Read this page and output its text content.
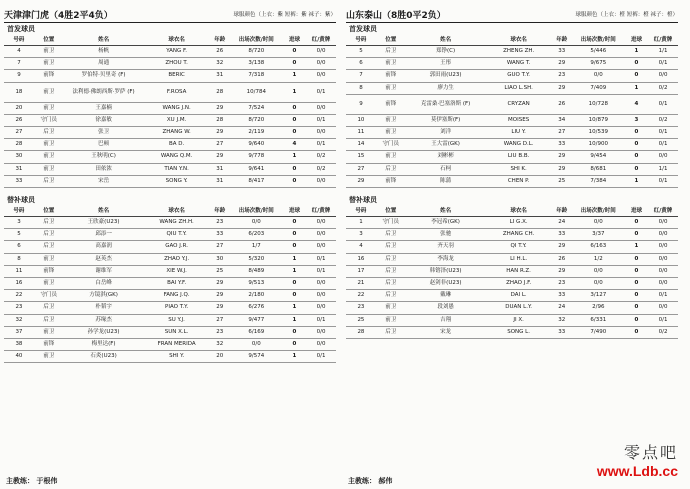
天津津门虎（4胜2平4负）	球服颜色（上衣：紫 短裤：紫 袜子：紫）
首发球员
号码	位置	姓名	球衣名	年龄	出场次数/时间	进球	红/黄牌
4	前卫	杨帆	YANG F.	26	8/720	0	0/0
7	前卫	周通	ZHOU T.	32	3/138	0	0/0
9	前锋	罗伯特·贝里奇 (F)	BERIC	31	7/318	1	0/0
18	前卫	法利德·佛朗西斯·罗萨 (F)	F.ROSA	28	10/784	1	0/1
20	前卫	王嘉楠	WANG J.N.	29	7/524	0	0/0
26	守门员	徐嘉敏	XU J.M.	28	8/720	0	0/1
27	后卫	张卫	ZHANG W.	29	2/119	0	0/0
28	前卫	巴顿	BA D.	27	9/640	4	0/1
30	前卫	王秋明(C)	WANG Q.M.	29	9/778	1	0/2
31	前卫	田依浓	TIAN Y.N.	31	9/641	0	0/2
33	后卫	宋岳	SONG Y.	31	8/417	0	0/0
替补球员
号码	位置	姓名	球衣名	年龄	出场次数/时间	进球	红/黄牌
3	后卫	王欣豪(U23)	WANG ZH.H.	23	0/0	0	0/0
5	后卫	邱添一	QIU T.Y.	33	6/203	0	0/0
6	后卫	高嘉润	GAO J.R.	27	1/7	0	0/0
8	前卫	赵英杰	ZHAO Y.J.	30	5/320	1	0/1
11	前锋	谢维军	XIE W.J.	25	8/489	1	0/1
16	前卫	白岳峰	BAI Y.F.	29	9/513	0	0/0
22	守门员	方镜淇(GK)	FANG J.Q.	29	2/180	0	0/0
23	后卫	朴韬宇	PIAO T.Y.	29	6/276	1	0/0
32	后卫	苏缘杰	SU Y.J.	27	9/477	1	0/1
37	前卫	孙学龙(U23)	SUN X.L.	23	6/169	0	0/0
38	前锋	梅里达(F)	FRAN MERIDA	32	0/0	0	0/0
40	前卫	石炎(U23)	SHI Y.	20	9/574	1	0/1
主教练： 于根伟
山东泰山（8胜0平2负）	球服颜色（上衣：橙 短裤：橙 袜子：橙）
首发球员
号码	位置	姓名	球衣名	年龄	出场次数/时间	进球	红/黄牌
5	后卫	郑铮(C)	ZHENG ZH.	33	5/446	1	1/1
6	前卫	王彤	WANG T.	29	9/675	0	0/1
7	前锋	郭田雨(U23)	GUO T.Y.	23	0/0	0	0/0
8	前卫	廖力生	LIAO L.SH.	29	7/409	1	0/2
9	前锋	克雷桑·巴塞洛斯 (F)	CRYZAN	26	10/728	4	0/1
10	前卫	莫伊塞斯(F)	MOISES	34	10/879	3	0/2
11	前卫	刘洋	LIU Y.	27	10/539	0	0/1
14	守门员	王大雷(GK)	WANG D.L.	33	10/900	0	0/1
15	前卫	刘彬彬	LIU B.B.	29	9/454	0	0/0
27	后卫	石柯	SHI K.	29	8/681	0	1/1
29	前锋	陈蒲	CHEN P.	25	7/384	1	0/1
替补球员
号码	位置	姓名	球衣名	年龄	出场次数/时间	进球	红/黄牌
1	守门员	李冠希(GK)	LI G.X.	24	0/0	0	0/0
3	后卫	张驰	ZHANG CH.	33	3/37	0	0/0
4	后卫	齐天羽	QI T.Y.	29	6/163	1	0/0
16	后卫	李海龙	LI H.L.	26	1/2	0	0/0
17	后卫	韩镕泽(U23)	HAN R.Z.	29	0/0	0	0/0
21	后卫	赵剑非(U23)	ZHAO J.F.	23	0/0	0	0/0
22	后卫	戴琳	DAI L.	33	3/127	0	0/1
23	前卫	段刘愚	DUAN L.Y.	24	2/96	0	0/0
25	前卫	吉翔	JI X.	32	6/331	0	0/1
28	后卫	宋龙	SONG L.	33	7/490	0	0/2
主教练： 郝伟
零点吧
www.Ldb.cc
